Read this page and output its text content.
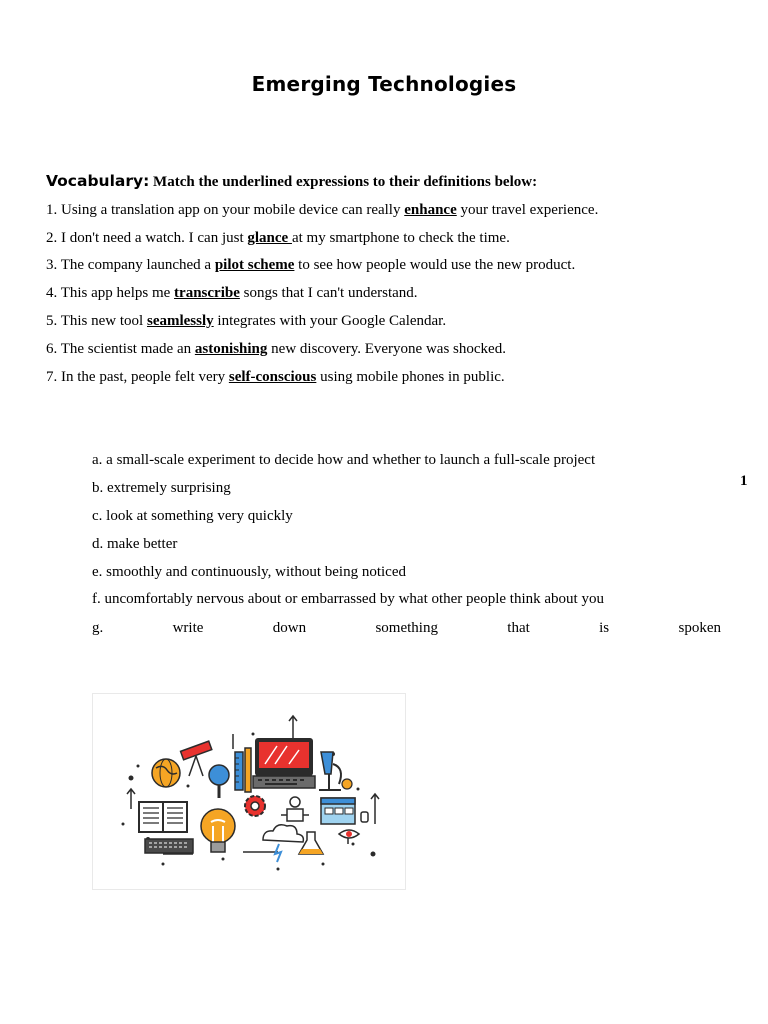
Emerging Technologies
Vocabulary: Match the underlined expressions to their definitions below:
1. Using a translation app on your mobile device can really enhance your travel experience.
2. I don't need a watch. I can just glance at my smartphone to check the time.
3. The company launched a pilot scheme to see how people would use the new product.
4. This app helps me transcribe songs that I can't understand.
5. This new tool seamlessly integrates with your Google Calendar.
6. The scientist made an astonishing new discovery. Everyone was shocked.
7. In the past, people felt very self-conscious using mobile phones in public.
a. a small-scale experiment to decide how and whether to launch a full-scale project
b. extremely surprising
c. look at something very quickly
d. make better
e. smoothly and continuously, without being noticed
f. uncomfortably nervous about or embarrassed by what other people think about you
g.	write	down	something	that	is	spoken
1
